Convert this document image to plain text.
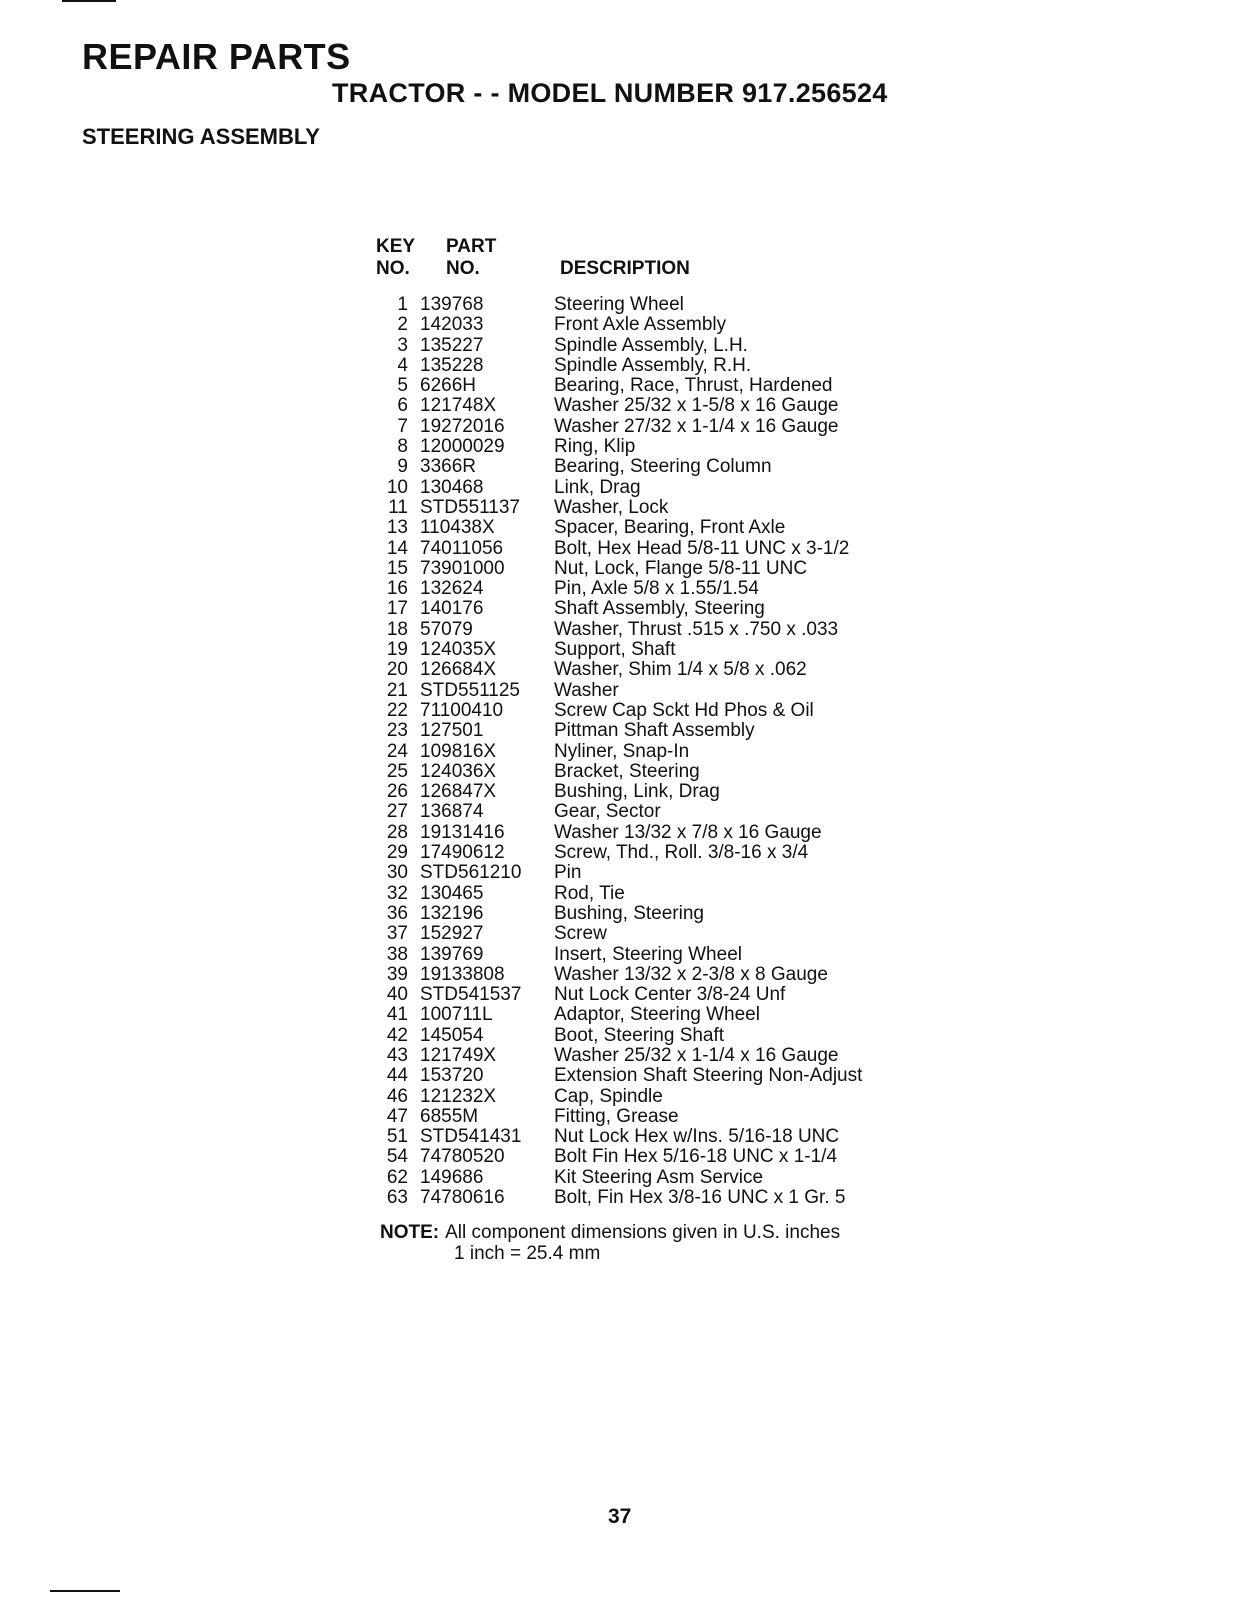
REPAIR PARTS
TRACTOR - - MODEL NUMBER 917.256524
STEERING ASSEMBLY
KEY
NO.
PART
NO.	DESCRIPTION
1	139768	Steering Wheel
2	142033	Front Axle Assembly
3	135227	Spindle Assembly, L.H.
4	135228	Spindle Assembly, R.H.
5	6266H	Bearing, Race, Thrust, Hardened
6	121748X	Washer 25/32 x 1-5/8 x 16 Gauge
7	19272016	Washer 27/32 x 1-1/4 x 16 Gauge
8	12000029	Ring, Klip
9	3366R	Bearing, Steering Column
10	130468	Link, Drag
11	STD551137	Washer, Lock
13	110438X	Spacer, Bearing, Front Axle
14	74011056	Bolt, Hex Head 5/8-11 UNC x 3-1/2
15	73901000	Nut, Lock, Flange 5/8-11 UNC
16	132624	Pin, Axle 5/8 x 1.55/1.54
17	140176	Shaft Assembly, Steering
18	57079	Washer, Thrust .515 x .750 x .033
19	124035X	Support, Shaft
20	126684X	Washer, Shim 1/4 x 5/8 x .062
21	STD551125	Washer
22	71100410	Screw Cap Sckt Hd Phos & Oil
23	127501	Pittman Shaft Assembly
24	109816X	Nyliner, Snap-In
25	124036X	Bracket, Steering
26	126847X	Bushing, Link, Drag
27	136874	Gear, Sector
28	19131416	Washer 13/32 x 7/8 x 16 Gauge
29	17490612	Screw, Thd., Roll. 3/8-16 x 3/4
30	STD561210	Pin
32	130465	Rod, Tie
36	132196	Bushing, Steering
37	152927	Screw
38	139769	Insert, Steering Wheel
39	19133808	Washer 13/32 x 2-3/8 x 8 Gauge
40	STD541537	Nut Lock Center 3/8-24 Unf
41	100711L	Adaptor, Steering Wheel
42	145054	Boot, Steering Shaft
43	121749X	Washer 25/32 x 1-1/4 x 16 Gauge
44	153720	Extension Shaft Steering Non-Adjust
46	121232X	Cap, Spindle
47	6855M	Fitting, Grease
51	STD541431	Nut Lock Hex w/Ins. 5/16-18 UNC
54	74780520	Bolt Fin Hex 5/16-18 UNC x 1-1/4
62	149686	Kit Steering Asm Service
63	74780616	Bolt, Fin Hex 3/8-16 UNC x 1 Gr. 5
NOTE: All component dimensions given in U.S. inches
1 inch = 25.4 mm
37
